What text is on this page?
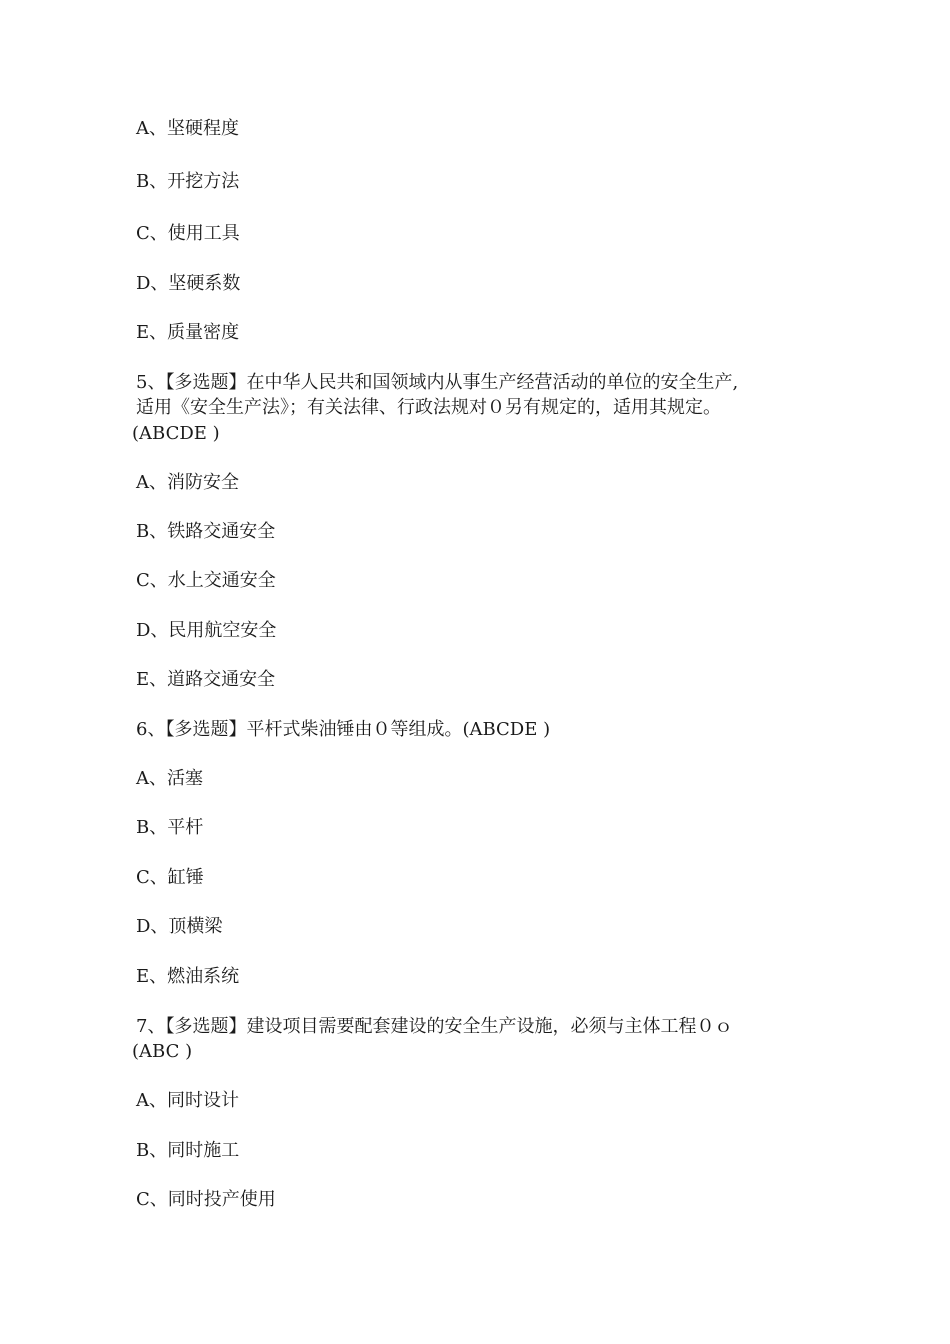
A、坚硬程度
B、开挖方法
C、使用工具
D、坚硬系数
E、质量密度
5、【多选题】在中华人民共和国领域内从事生产经营活动的单位的安全生产,
适用《安全生产法》；有关法律、行政法规对０另有规定的，适用其规定。
(ABCDE )
A、消防安全
B、铁路交通安全
C、水上交通安全
D、民用航空安全
E、道路交通安全
6、【多选题】平杆式柴油锤由０等组成。(ABCDE )
A、活塞
B、平杆
C、缸锤
D、顶横梁
E、燃油系统
7、【多选题】建设项目需要配套建设的安全生产设施，必须与主体工程０ｏ
(ABC )
A、同时设计
B、同时施工
C、同时投产使用
